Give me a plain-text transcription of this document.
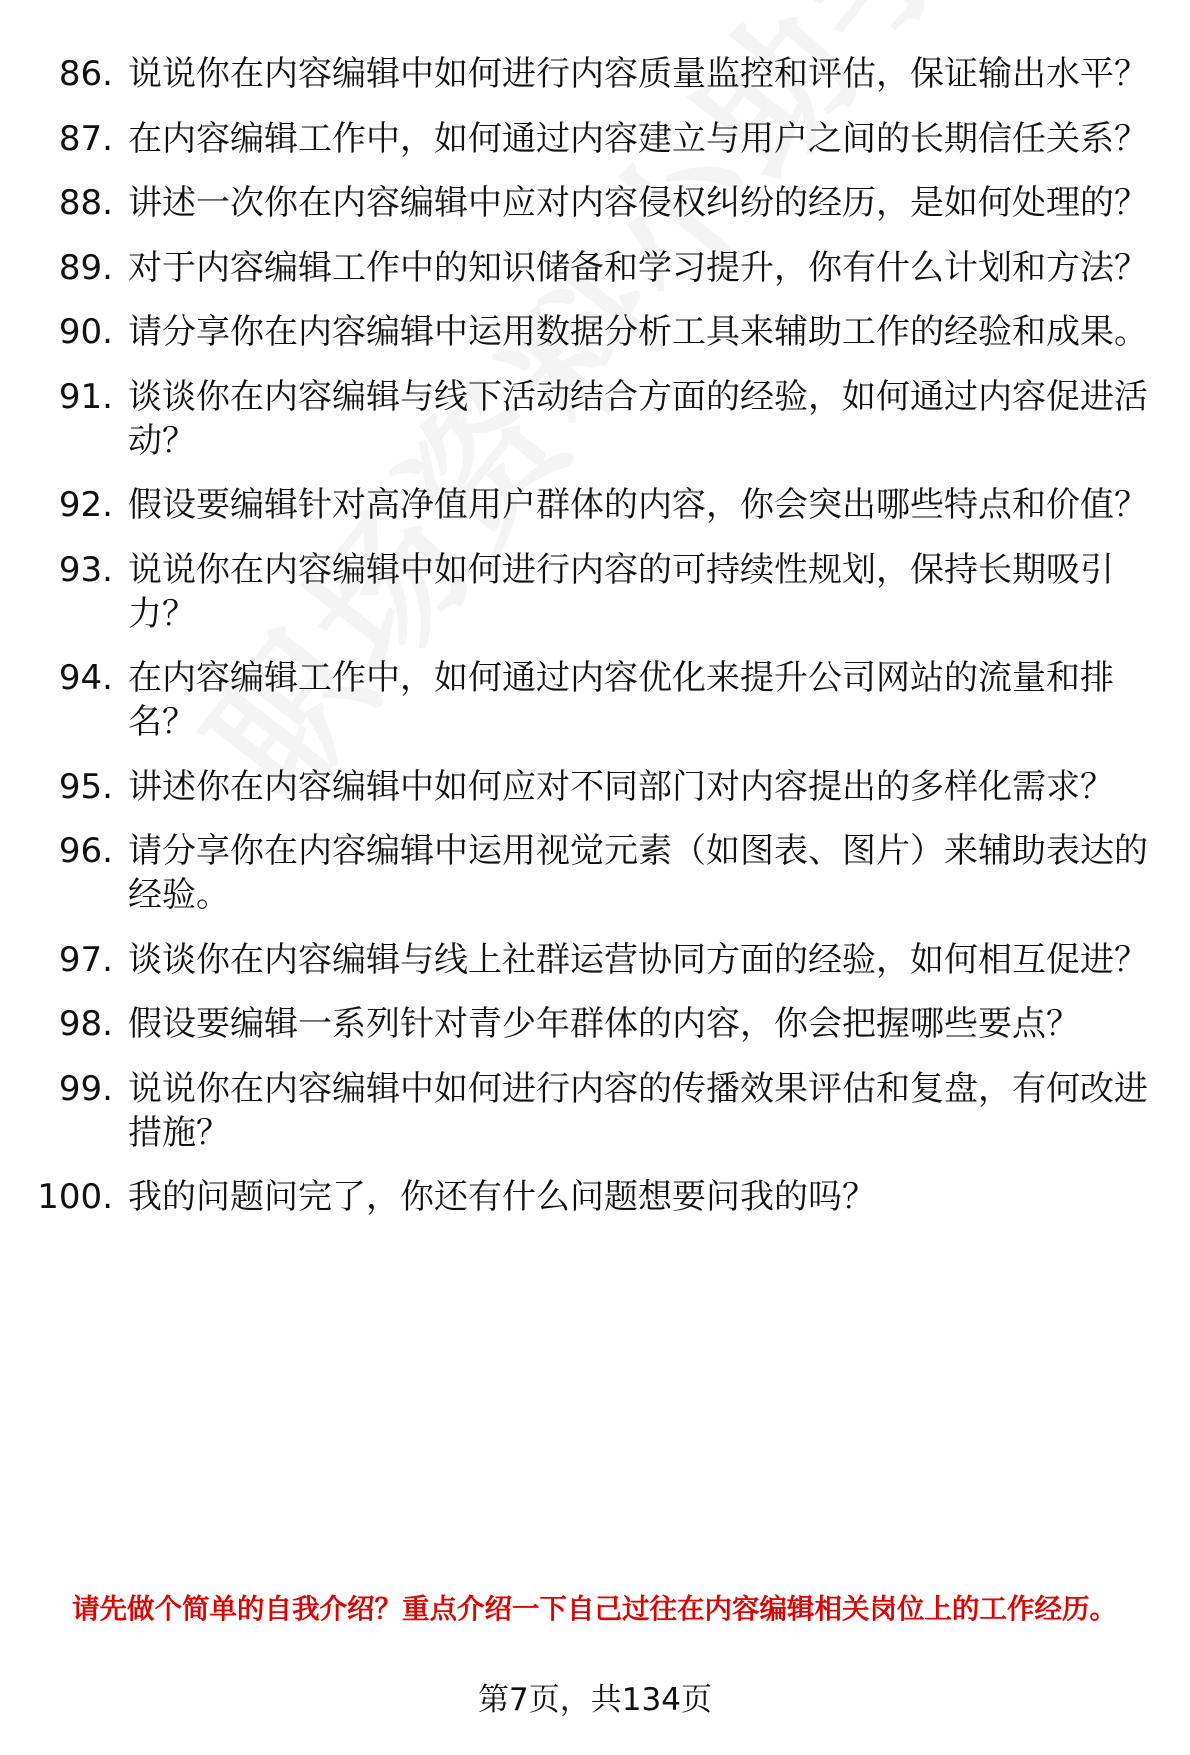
86. 说说你在内容编辑中如何进行内容质量监控和评估，保证输出水平？
87. 在内容编辑工作中，如何通过内容建立与用户之间的长期信任关系？
88. 讲述一次你在内容编辑中应对内容侵权纠纷的经历，是如何处理的？
89. 对于内容编辑工作中的知识储备和学习提升，你有什么计划和方法？
90. 请分享你在内容编辑中运用数据分析工具来辅助工作的经验和成果。
91. 谈谈你在内容编辑与线下活动结合方面的经验，如何通过内容促进活动？
92. 假设要编辑针对高净值用户群体的内容，你会突出哪些特点和价值？
93. 说说你在内容编辑中如何进行内容的可持续性规划，保持长期吸引力？
94. 在内容编辑工作中，如何通过内容优化来提升公司网站的流量和排名？
95. 讲述你在内容编辑中如何应对不同部门对内容提出的多样化需求？
96. 请分享你在内容编辑中运用视觉元素（如图表、图片）来辅助表达的经验。
97. 谈谈你在内容编辑与线上社群运营协同方面的经验，如何相互促进？
98. 假设要编辑一系列针对青少年群体的内容，你会把握哪些要点？
99. 说说你在内容编辑中如何进行内容的传播效果评估和复盘，有何改进措施？
100. 我的问题问完了，你还有什么问题想要问我的吗？
请先做个简单的自我介绍？重点介绍一下自己过往在内容编辑相关岗位上的工作经历。
第7页，共134页
